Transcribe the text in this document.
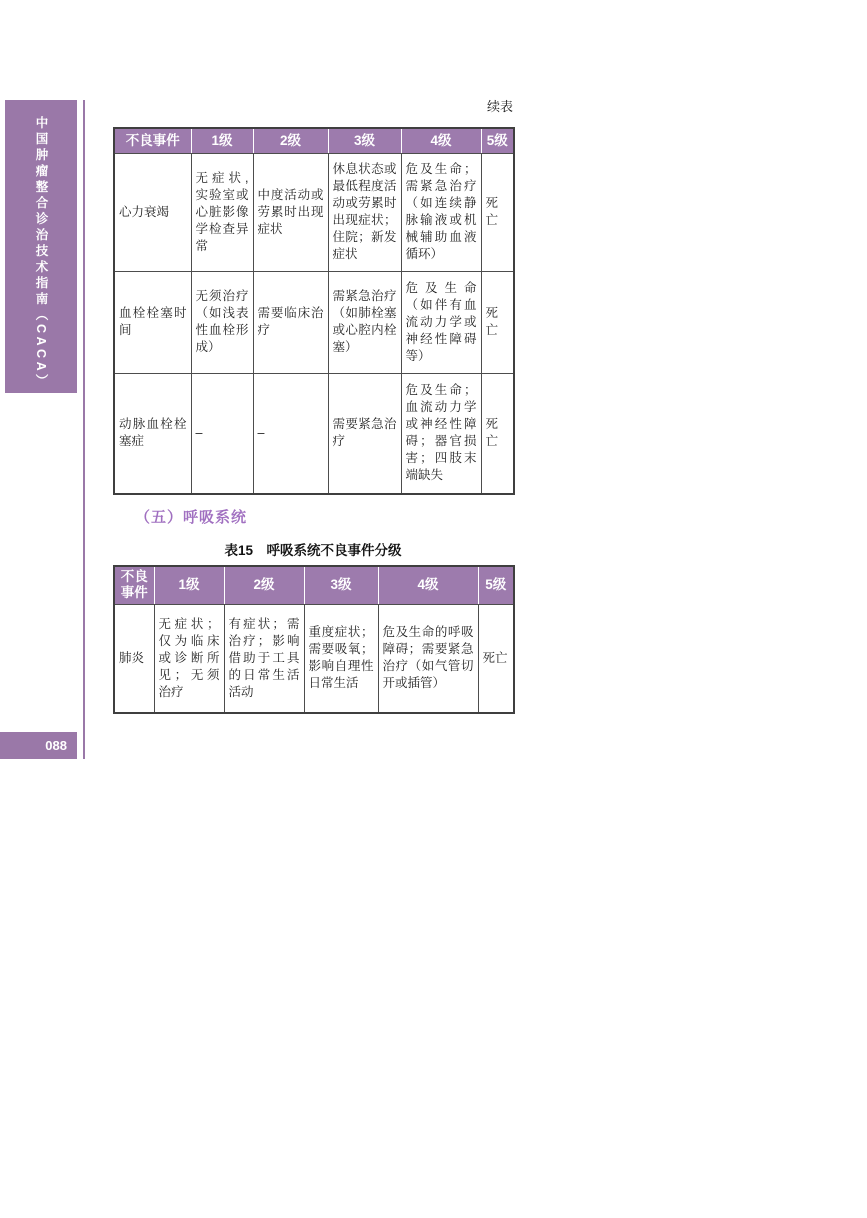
中国肿瘤整合诊治技术指南（CACA）
088
续表
不良事件	1级	2级	3级	4级	5级
心力衰竭	无症状,实验室或心脏影像学检查异常	中度活动或劳累时出现症状	休息状态或最低程度活动或劳累时出现症状；住院；新发症状	危及生命；需紧急治疗（如连续静脉输液或机械辅助血液循环）	死亡
血栓栓塞时间	无须治疗（如浅表性血栓形成）	需要临床治疗	需紧急治疗（如肺栓塞或心腔内栓塞）	危及生命（如伴有血流动力学或神经性障碍等）	死亡
动脉血栓栓塞症	–	–	需要紧急治疗	危及生命；血流动力学或神经性障碍；器官损害；四肢末端缺失	死亡
（五）呼吸系统
表15　呼吸系统不良事件分级
不良事件	1级	2级	3级	4级	5级
肺炎	无症状；仅为临床或诊断所见；无须治疗	有症状；需治疗；影响借助于工具的日常生活活动	重度症状；需要吸氧；影响自理性日常生活	危及生命的呼吸障碍；需要紧急治疗（如气管切开或插管）	死亡
